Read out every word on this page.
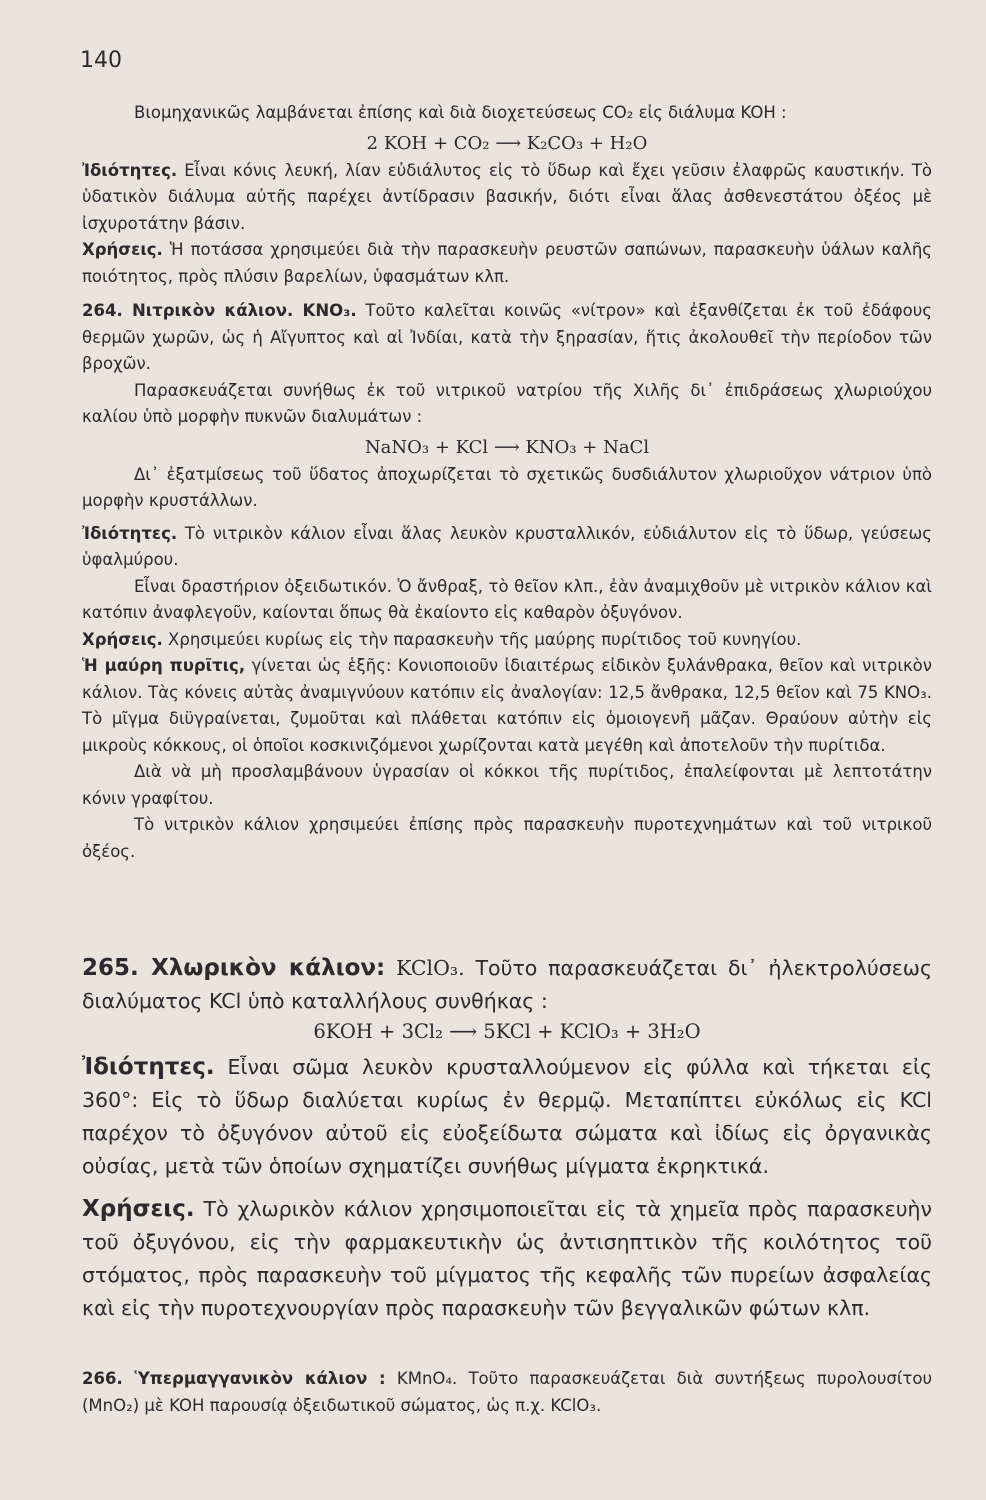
140

Βιομηχανικῶς λαμβάνεται ἐπίσης καὶ διὰ διοχετεύσεως CO₂ εἰς διάλυμα KOH :

2 KOH + CO₂ ⟶ K₂CO₃ + H₂O

Ἰδιότητες. Εἶναι κόνις λευκή, λίαν εὐδιάλυτος εἰς τὸ ὕδωρ καὶ ἔχει γεῦσιν ἐλαφρῶς καυστικήν. Τὸ ὑδατικὸν διάλυμα αὐτῆς παρέχει ἀντίδρασιν βασικήν, διότι εἶναι ἅλας ἀσθενεστάτου ὀξέος μὲ ἰσχυροτάτην βάσιν.

Χρήσεις. Ἡ ποτάσσα χρησιμεύει διὰ τὴν παρασκευὴν ρευστῶν σαπώνων, παρασκευὴν ὑάλων καλῆς ποιότητος, πρὸς πλύσιν βαρελίων, ὑφασμάτων κλπ.

264. Νιτρικὸν κάλιον. KNO₃. Τοῦτο καλεῖται κοινῶς «νίτρον» καὶ ἐξανθίζεται ἐκ τοῦ ἐδάφους θερμῶν χωρῶν, ὡς ἡ Αἴγυπτος καὶ αἱ Ἰνδίαι, κατὰ τὴν ξηρασίαν, ἥτις ἀκολουθεῖ τὴν περίοδον τῶν βροχῶν.

Παρασκευάζεται συνήθως ἐκ τοῦ νιτρικοῦ νατρίου τῆς Χιλῆς δι᾽ ἐπιδράσεως χλωριούχου καλίου ὑπὸ μορφὴν πυκνῶν διαλυμάτων :

NaNO₃ + KCl ⟶ KNO₃ + NaCl

Δι᾽ ἐξατμίσεως τοῦ ὕδατος ἀποχωρίζεται τὸ σχετικῶς δυσδιάλυτον χλωριοῦχον νάτριον ὑπὸ μορφὴν κρυστάλλων.

Ἰδιότητες. Τὸ νιτρικὸν κάλιον εἶναι ἅλας λευκὸν κρυσταλλικόν, εὐδιάλυτον εἰς τὸ ὕδωρ, γεύσεως ὑφαλμύρου.

Εἶναι δραστήριον ὀξειδωτικόν. Ὁ ἄνθραξ, τὸ θεῖον κλπ., ἐὰν ἀναμιχθοῦν μὲ νιτρικὸν κάλιον καὶ κατόπιν ἀναφλεγοῦν, καίονται ὅπως θὰ ἐκαίοντο εἰς καθαρὸν ὀξυγόνον.

Χρήσεις. Χρησιμεύει κυρίως εἰς τὴν παρασκευὴν τῆς μαύρης πυρίτιδος τοῦ κυνηγίου.

Ἡ μαύρη πυρῖτις, γίνεται ὡς ἑξῆς: Κονιοποιοῦν ἰδιαιτέρως εἰδικὸν ξυλάνθρακα, θεῖον καὶ νιτρικὸν κάλιον. Τὰς κόνεις αὐτὰς ἀναμιγνύουν κατόπιν εἰς ἀναλογίαν: 12,5 ἄνθρακα, 12,5 θεῖον καὶ 75 KNO₃. Τὸ μῖγμα διϋγραίνεται, ζυμοῦται καὶ πλάθεται κατόπιν εἰς ὁμοιογενῆ μᾶζαν. Θραύουν αὐτὴν εἰς μικροὺς κόκκους, οἱ ὁποῖοι κοσκινιζόμενοι χωρίζονται κατὰ μεγέθη καὶ ἀποτελοῦν τὴν πυρίτιδα.

Διὰ νὰ μὴ προσλαμβάνουν ὑγρασίαν οἱ κόκκοι τῆς πυρίτιδος, ἐπαλείφονται μὲ λεπτοτάτην κόνιν γραφίτου.

Τὸ νιτρικὸν κάλιον χρησιμεύει ἐπίσης πρὸς παρασκευὴν πυροτεχνημάτων καὶ τοῦ νιτρικοῦ ὀξέος.

265. Χλωρικὸν κάλιον: KClO₃. Τοῦτο παρασκευάζεται δι᾽ ἠλεκτρολύσεως διαλύματος KCl ὑπὸ καταλλήλους συνθήκας :

6KOH + 3Cl₂ ⟶ 5KCl + KClO₃ + 3H₂O

Ἰδιότητες. Εἶναι σῶμα λευκὸν κρυσταλλούμενον εἰς φύλλα καὶ τήκεται εἰς 360°: Εἰς τὸ ὕδωρ διαλύεται κυρίως ἐν θερμῷ. Μεταπίπτει εὐκόλως εἰς KCl παρέχον τὸ ὀξυγόνον αὐτοῦ εἰς εὐοξείδωτα σώματα καὶ ἰδίως εἰς ὀργανικὰς οὐσίας, μετὰ τῶν ὁποίων σχηματίζει συνήθως μίγματα ἐκρηκτικά.

Χρήσεις. Τὸ χλωρικὸν κάλιον χρησιμοποιεῖται εἰς τὰ χημεῖα πρὸς παρασκευὴν τοῦ ὀξυγόνου, εἰς τὴν φαρμακευτικὴν ὡς ἀντισηπτικὸν τῆς κοιλότητος τοῦ στόματος, πρὸς παρασκευὴν τοῦ μίγματος τῆς κεφαλῆς τῶν πυρείων ἀσφαλείας καὶ εἰς τὴν πυροτεχνουργίαν πρὸς παρασκευὴν τῶν βεγγαλικῶν φώτων κλπ.

266. Ὑπερμαγγανικὸν κάλιον : KMnO₄. Τοῦτο παρασκευάζεται διὰ συντήξεως πυρολουσίτου (MnO₂) μὲ KOH παρουσίᾳ ὀξειδωτικοῦ σώματος, ὡς π.χ. KClO₃.
